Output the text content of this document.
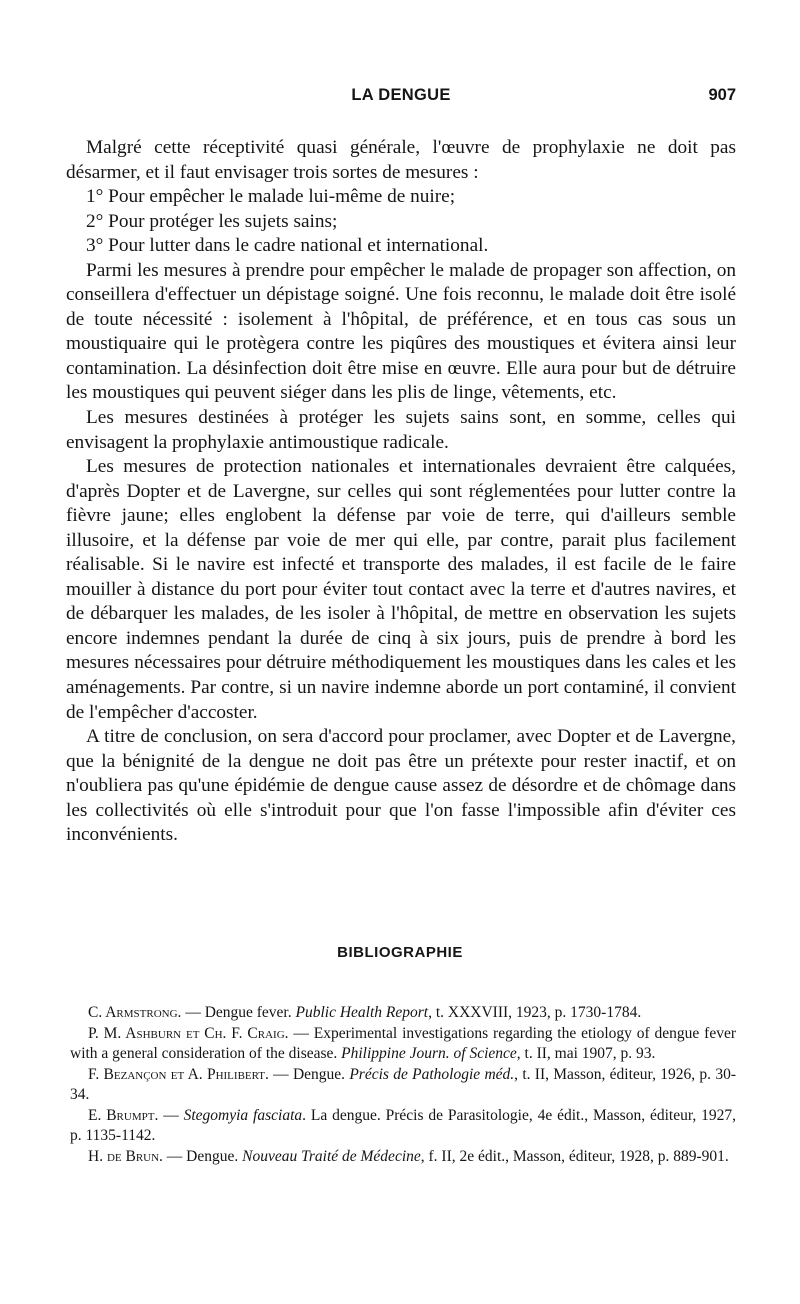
LA DENGUE	907

Malgré cette réceptivité quasi générale, l'œuvre de prophylaxie ne doit pas désarmer, et il faut envisager trois sortes de mesures :

1° Pour empêcher le malade lui-même de nuire;

2° Pour protéger les sujets sains;

3° Pour lutter dans le cadre national et international.

Parmi les mesures à prendre pour empêcher le malade de propager son affection, on conseillera d'effectuer un dépistage soigné. Une fois reconnu, le malade doit être isolé de toute nécessité : isolement à l'hôpital, de préférence, et en tous cas sous un moustiquaire qui le protègera contre les piqûres des moustiques et évitera ainsi leur contamination. La désinfection doit être mise en œuvre. Elle aura pour but de détruire les moustiques qui peuvent siéger dans les plis de linge, vêtements, etc.

Les mesures destinées à protéger les sujets sains sont, en somme, celles qui envisagent la prophylaxie antimoustique radicale.

Les mesures de protection nationales et internationales devraient être calquées, d'après Dopter et de Lavergne, sur celles qui sont réglementées pour lutter contre la fièvre jaune; elles englobent la défense par voie de terre, qui d'ailleurs semble illusoire, et la défense par voie de mer qui elle, par contre, parait plus facilement réalisable. Si le navire est infecté et transporte des malades, il est facile de le faire mouiller à distance du port pour éviter tout contact avec la terre et d'autres navires, et de débarquer les malades, de les isoler à l'hôpital, de mettre en observation les sujets encore indemnes pendant la durée de cinq à six jours, puis de prendre à bord les mesures nécessaires pour détruire méthodiquement les moustiques dans les cales et les aménagements. Par contre, si un navire indemne aborde un port contaminé, il convient de l'empêcher d'accoster.

A titre de conclusion, on sera d'accord pour proclamer, avec Dopter et de Lavergne, que la bénignité de la dengue ne doit pas être un prétexte pour rester inactif, et on n'oubliera pas qu'une épidémie de dengue cause assez de désordre et de chômage dans les collectivités où elle s'introduit pour que l'on fasse l'impossible afin d'éviter ces inconvénients.

BIBLIOGRAPHIE

C. Armstrong. — Dengue fever. Public Health Report, t. XXXVIII, 1923, p. 1730-1784.

P. M. Ashburn et Ch. F. Craig. — Experimental investigations regarding the etiology of dengue fever with a general consideration of the disease. Philippine Journ. of Science, t. II, mai 1907, p. 93.

F. Bezançon et A. Philibert. — Dengue. Précis de Pathologie méd., t. II, Masson, éditeur, 1926, p. 30-34.

E. Brumpt. — Stegomyia fasciata. La dengue. Précis de Parasitologie, 4e édit., Masson, éditeur, 1927, p. 1135-1142.

H. de Brun. — Dengue. Nouveau Traité de Médecine, f. II, 2e édit., Masson, éditeur, 1928, p. 889-901.
